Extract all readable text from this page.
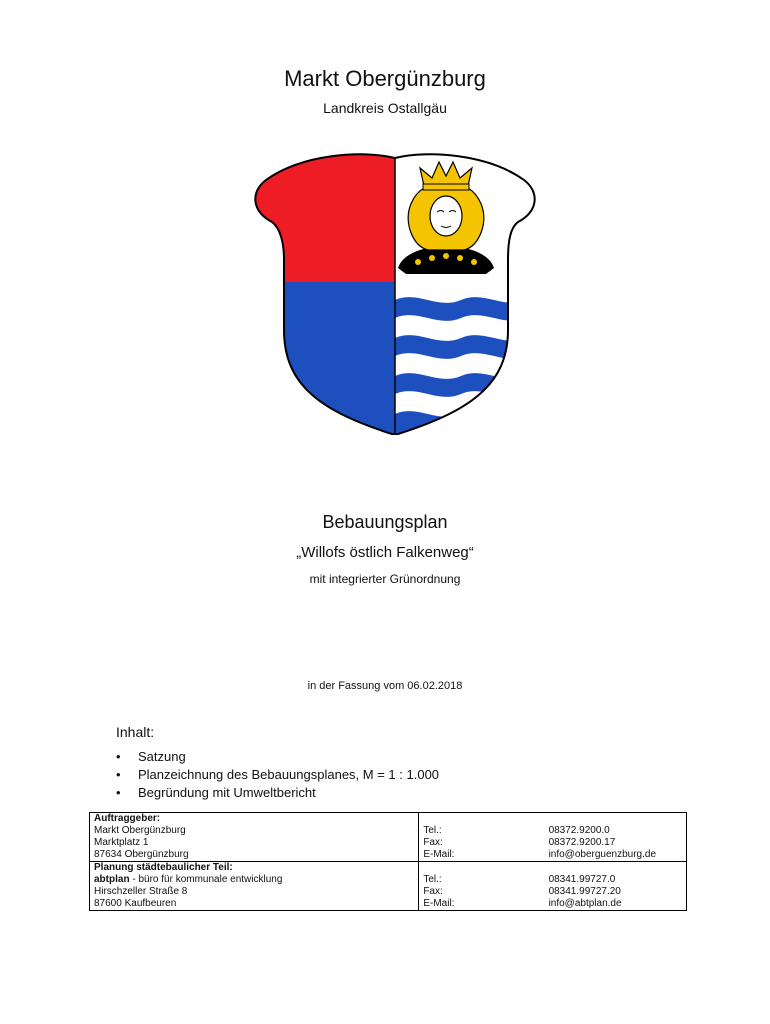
Markt Obergünzburg
Landkreis Ostallgäu
Bebauungsplan
„Willofs östlich Falkenweg“
mit integrierter Grünordnung
in der Fassung vom 06.02.2018
Inhalt:
• Satzung
• Planzeichnung des Bebauungsplanes, M = 1 : 1.000
• Begründung mit Umweltbericht
Auftraggeber:		
Markt Obergünzburg	Tel.:	08372.9200.0
Marktplatz 1	Fax:	08372.9200.17
87634 Obergünzburg	E-Mail:	info@oberguenzburg.de
Planung städtebaulicher Teil:		
abtplan - büro für kommunale entwicklung	Tel.:	08341.99727.0
Hirschzeller Straße 8	Fax:	08341.99727.20
87600 Kaufbeuren	E-Mail:	info@abtplan.de
